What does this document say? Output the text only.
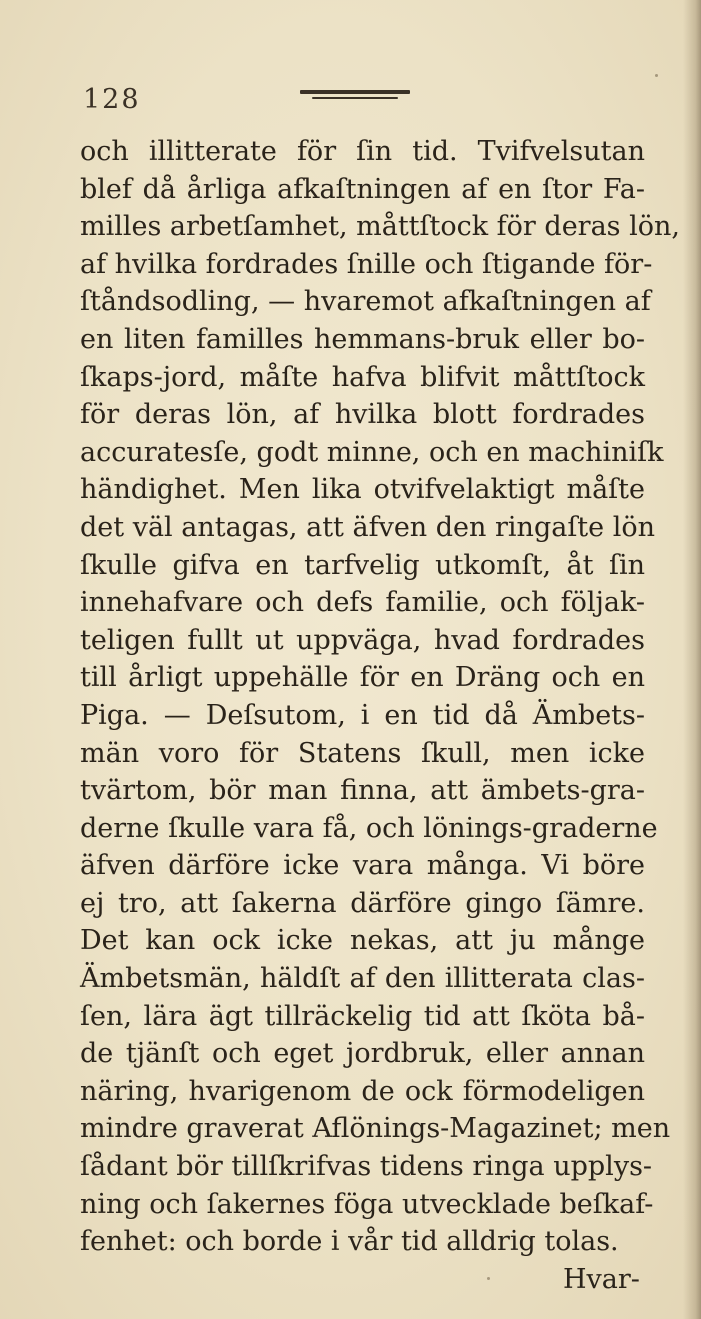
128
och illitterate för ſin tid. Tvifvelsutan
blef då årliga afkaſtningen af en ſtor Fa-
milles arbetſamhet, måttſtock för deras lön,
af hvilka fordrades ſnille och ſtigande för-
ſtåndsodling, — hvaremot afkaſtningen af
en liten familles hemmans-bruk eller bo-
ſkaps-jord, måſte hafva blifvit måttſtock
för deras lön, af hvilka blott fordrades
accuratesſe, godt minne, och en machiniſk
händighet. Men lika otvifvelaktigt måſte
det väl antagas, att äfven den ringaſte lön
ſkulle gifva en tarfvelig utkomſt, åt ſin
innehafvare och defs familie, och följak-
teligen fullt ut uppväga, hvad fordrades
till årligt uppehälle för en Dräng och en
Piga. — Deſsutom, i en tid då Ämbets-
män voro för Statens ſkull, men icke
tvärtom, bör man finna, att ämbets-gra-
derne ſkulle vara få, och lönings-graderne
äfven därföre icke vara många. Vi böre
ej tro, att ſakerna därföre gingo ſämre.
Det kan ock icke nekas, att ju månge
Ämbetsmän, häldſt af den illitterata clas-
ſen, lära ägt tillräckelig tid att ſköta bå-
de tjänſt och eget jordbruk, eller annan
näring, hvarigenom de ock förmodeligen
mindre graverat Aflönings-Magazinet; men
ſådant bör tillſkrifvas tidens ringa upplys-
ning och ſakernes föga utvecklade beſkaf-
fenhet: och borde i vår tid alldrig tolas.
Hvar-
